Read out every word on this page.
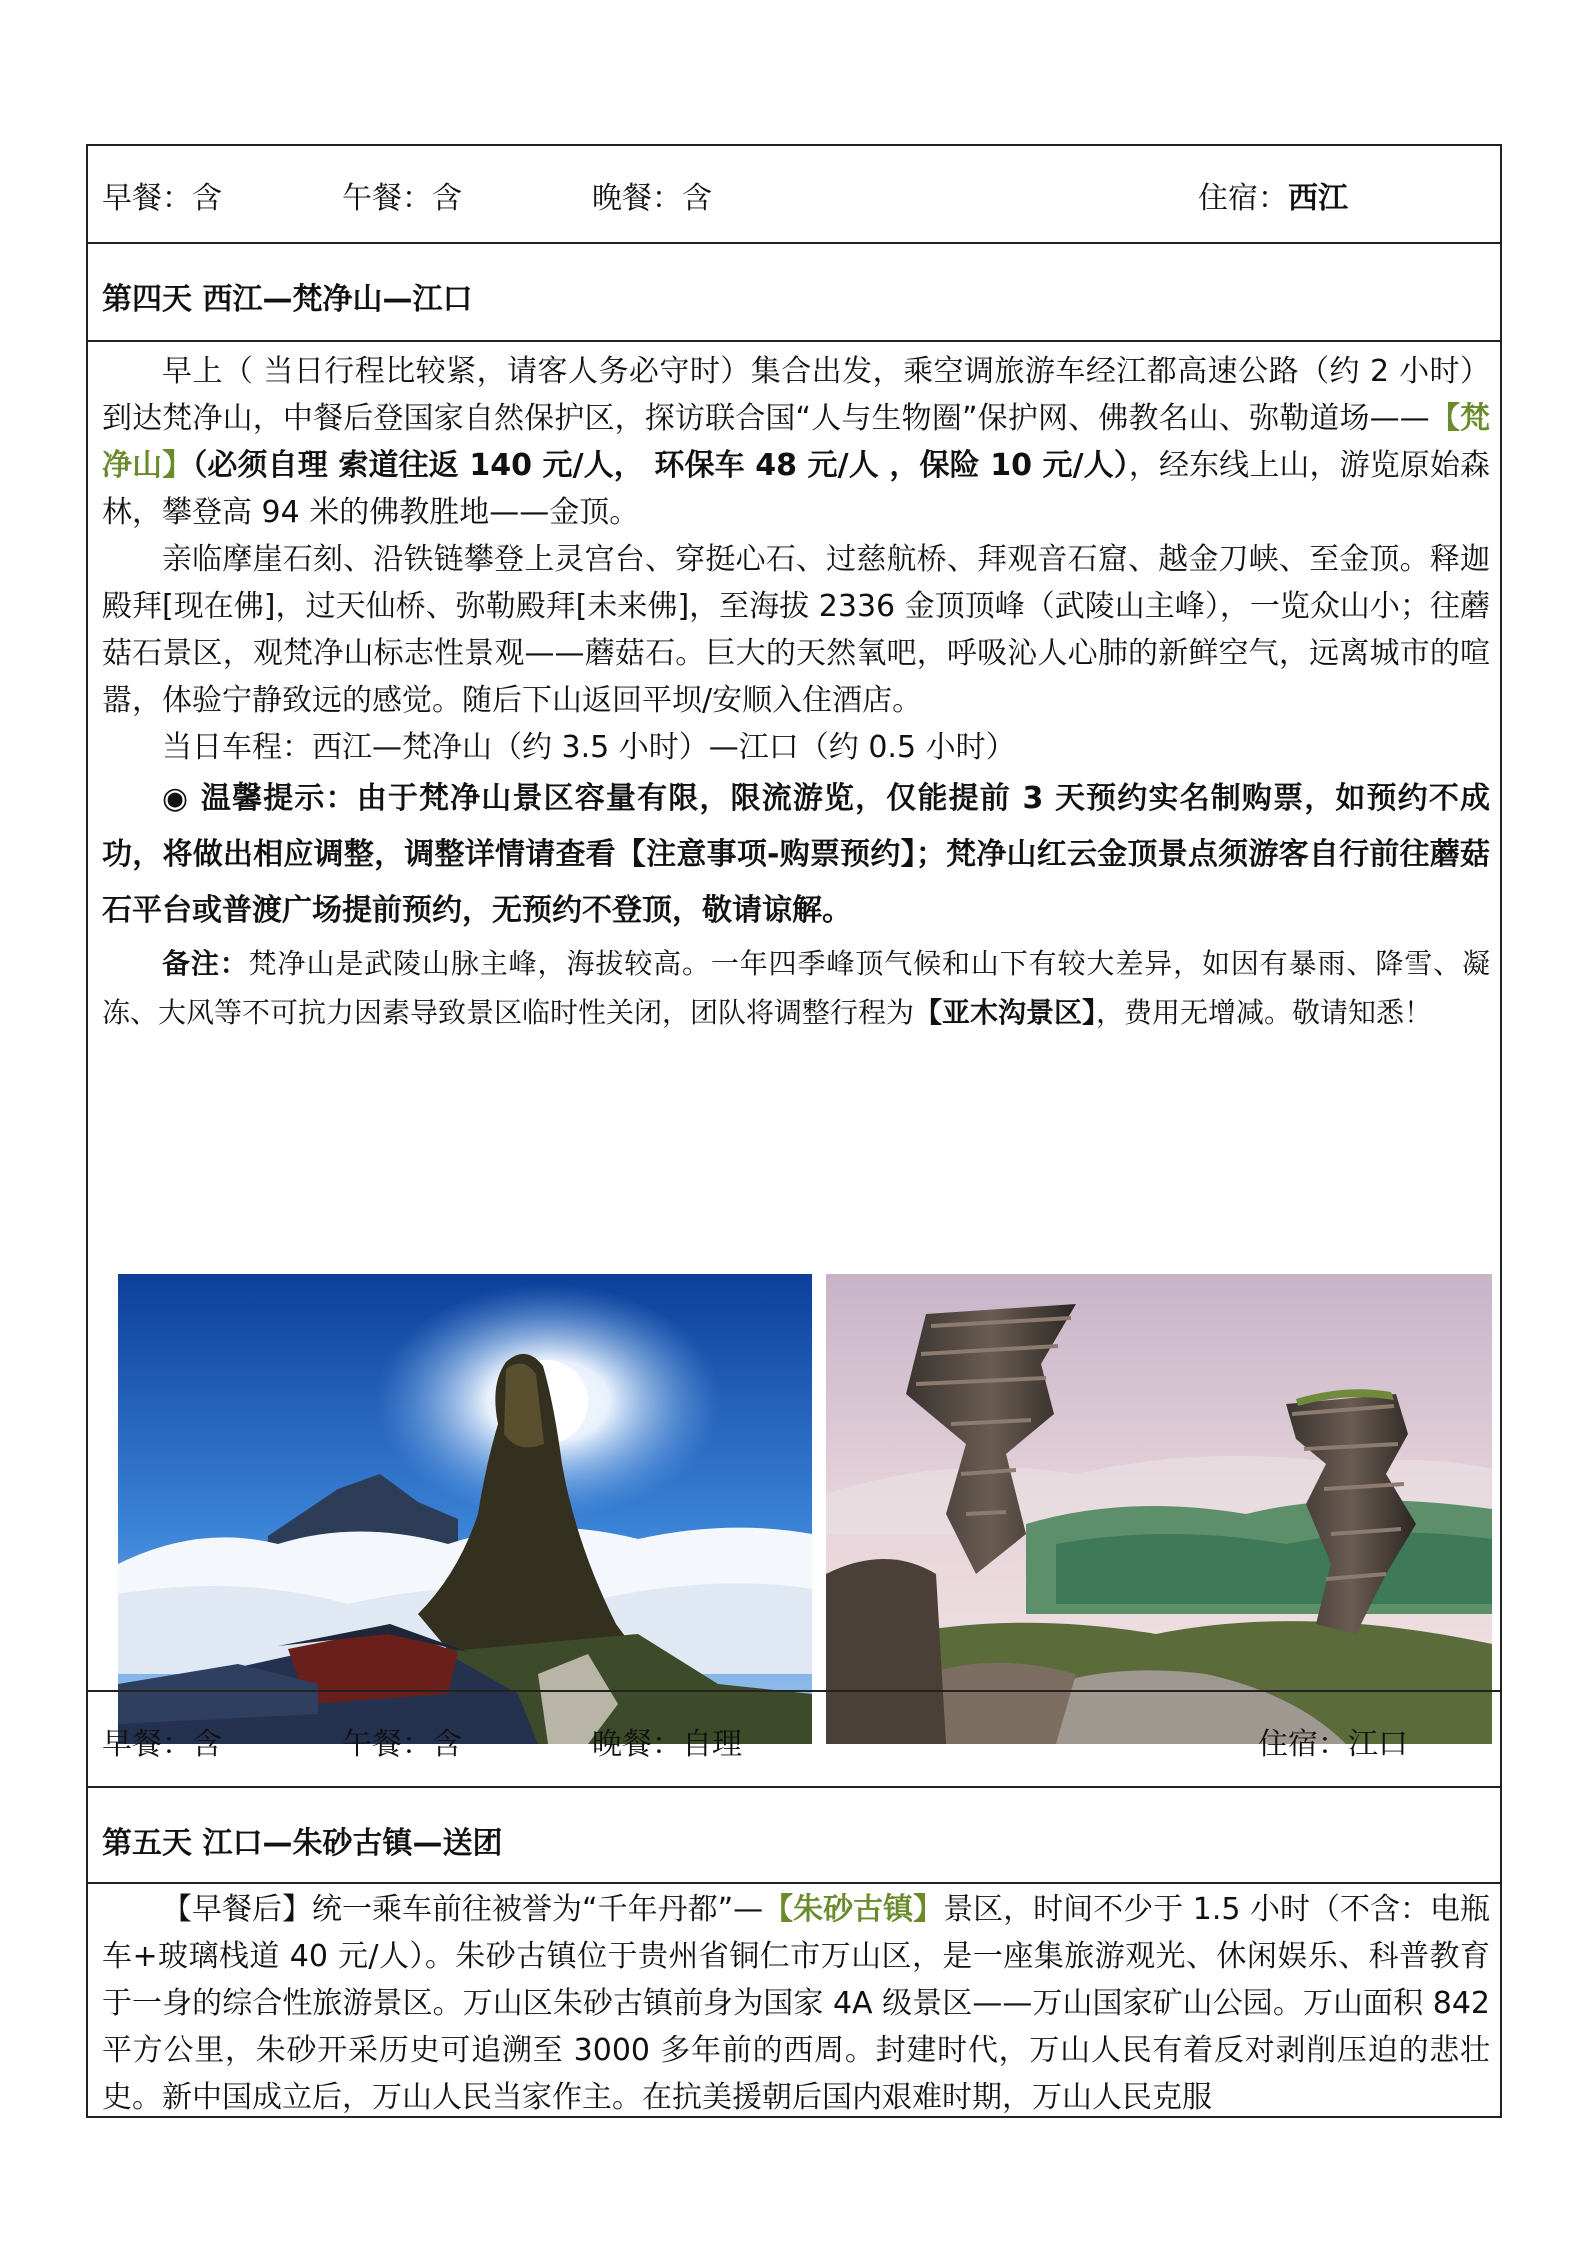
早餐：含	午餐：含	晚餐：含	住宿：西江
第四天 西江—梵净山—江口
早上（ 当日行程比较紧，请客人务必守时）集合出发，乘空调旅游车经江都高速公路（约 2 小时）到达梵净山，中餐后登国家自然保护区，探访联合国“人与生物圈”保护网、佛教名山、弥勒道场——【梵净山】（必须自理 索道往返 140 元/人， 环保车 48 元/人 ，保险 10 元/人），经东线上山，游览原始森林，攀登高 94 米的佛教胜地——金顶。
亲临摩崖石刻、沿铁链攀登上灵宫台、穿挺心石、过慈航桥、拜观音石窟、越金刀峡、至金顶。释迦殿拜[现在佛]，过天仙桥、弥勒殿拜[未来佛]，至海拔 2336 金顶顶峰（武陵山主峰），一览众山小；往蘑菇石景区，观梵净山标志性景观——蘑菇石。巨大的天然氧吧，呼吸沁人心肺的新鲜空气，远离城市的喧嚣，体验宁静致远的感觉。随后下山返回平坝/安顺入住酒店。
当日车程：西江—梵净山（约 3.5 小时）—江口（约 0.5 小时）
◉ 温馨提示：由于梵净山景区容量有限，限流游览，仅能提前 3 天预约实名制购票，如预约不成功，将做出相应调整，调整详情请查看【注意事项-购票预约】；梵净山红云金顶景点须游客自行前往蘑菇石平台或普渡广场提前预约，无预约不登顶，敬请谅解。
备注：梵净山是武陵山脉主峰，海拔较高。一年四季峰顶气候和山下有较大差异，如因有暴雨、降雪、凝冻、大风等不可抗力因素导致景区临时性关闭，团队将调整行程为【亚木沟景区】，费用无增减。敬请知悉！
早餐：含	午餐：含	晚餐：自理	住宿：江口
第五天 江口—朱砂古镇—送团
【早餐后】统一乘车前往被誉为“千年丹都”—【朱砂古镇】景区，时间不少于 1.5 小时（不含：电瓶车+玻璃栈道 40 元/人）。朱砂古镇位于贵州省铜仁市万山区，是一座集旅游观光、休闲娱乐、科普教育于一身的综合性旅游景区。万山区朱砂古镇前身为国家 4A 级景区——万山国家矿山公园。万山面积 842 平方公里，朱砂开采历史可追溯至 3000 多年前的西周。封建时代，万山人民有着反对剥削压迫的悲壮史。新中国成立后，万山人民当家作主。在抗美援朝后国内艰难时期，万山人民克服
